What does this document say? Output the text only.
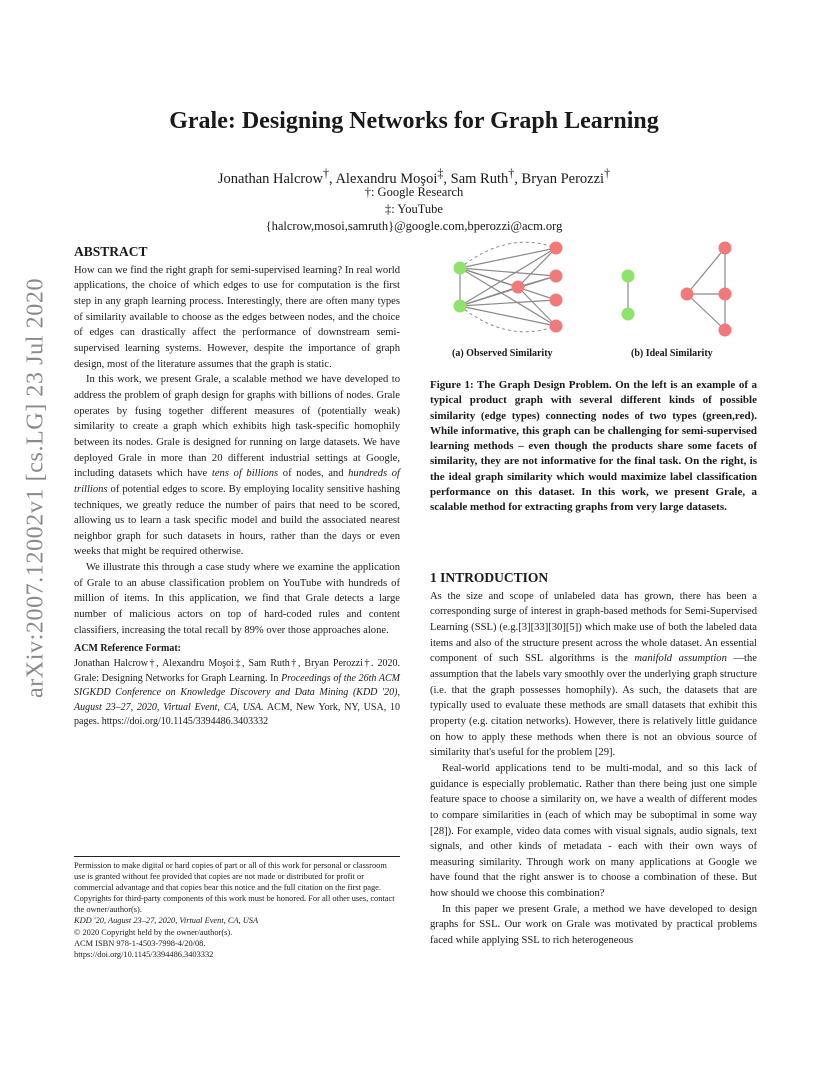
arXiv:2007.12002v1 [cs.LG] 23 Jul 2020
Grale: Designing Networks for Graph Learning
Jonathan Halcrow†, Alexandru Moşoi‡, Sam Ruth†, Bryan Perozzi†
†: Google Research
‡: YouTube
{halcrow,mosoi,samruth}@google.com,bperozzi@acm.org
ABSTRACT

How can we find the right graph for semi-supervised learning? In real world applications, the choice of which edges to use for computation is the first step in any graph learning process. Interestingly, there are often many types of similarity available to choose as the edges between nodes, and the choice of edges can drastically affect the performance of downstream semi-supervised learning systems. However, despite the importance of graph design, most of the literature assumes that the graph is static.

In this work, we present Grale, a scalable method we have developed to address the problem of graph design for graphs with billions of nodes. Grale operates by fusing together different measures of (potentially weak) similarity to create a graph which exhibits high task-specific homophily between its nodes. Grale is designed for running on large datasets. We have deployed Grale in more than 20 different industrial settings at Google, including datasets which have tens of billions of nodes, and hundreds of trillions of potential edges to score. By employing locality sensitive hashing techniques, we greatly reduce the number of pairs that need to be scored, allowing us to learn a task specific model and build the associated nearest neighbor graph for such datasets in hours, rather than the days or even weeks that might be required otherwise.

We illustrate this through a case study where we examine the application of Grale to an abuse classification problem on YouTube with hundreds of million of items. In this application, we find that Grale detects a large number of malicious actors on top of hard-coded rules and content classifiers, increasing the total recall by 89% over those approaches alone.

ACM Reference Format:

Jonathan Halcrow†, Alexandru Moşoi‡, Sam Ruth†, Bryan Perozzi†. 2020. Grale: Designing Networks for Graph Learning. In Proceedings of the 26th ACM SIGKDD Conference on Knowledge Discovery and Data Mining (KDD '20), August 23–27, 2020, Virtual Event, CA, USA. ACM, New York, NY, USA, 10 pages. https://doi.org/10.1145/3394486.3403332

Permission to make digital or hard copies of part or all of this work for personal or classroom use is granted without fee provided that copies are not made or distributed for profit or commercial advantage and that copies bear this notice and the full citation on the first page. Copyrights for third-party components of this work must be honored. For all other uses, contact the owner/author(s).

KDD '20, August 23–27, 2020, Virtual Event, CA, USA

© 2020 Copyright held by the owner/author(s).

ACM ISBN 978-1-4503-7998-4/20/08.

https://doi.org/10.1145/3394486.3403332

(a) Observed Similarity	(b) Ideal Similarity

Figure 1: The Graph Design Problem. On the left is an example of a typical product graph with several different kinds of possible similarity (edge types) connecting nodes of two types (green,red). While informative, this graph can be challenging for semi-supervised learning methods – even though the products share some facets of similarity, they are not informative for the final task. On the right, is the ideal graph similarity which would maximize label classification performance on this dataset. In this work, we present Grale, a scalable method for extracting graphs from very large datasets.

1 INTRODUCTION

As the size and scope of unlabeled data has grown, there has been a corresponding surge of interest in graph-based methods for Semi-Supervised Learning (SSL) (e.g.[3][33][30][5]) which make use of both the labeled data items and also of the structure present across the whole dataset. An essential component of such SSL algorithms is the manifold assumption —the assumption that the labels vary smoothly over the underlying graph structure (i.e. that the graph possesses homophily). As such, the datasets that are typically used to evaluate these methods are small datasets that exhibit this property (e.g. citation networks). However, there is relatively little guidance on how to apply these methods when there is not an obvious source of similarity that's useful for the problem [29].

Real-world applications tend to be multi-modal, and so this lack of guidance is especially problematic. Rather than there being just one simple feature space to choose a similarity on, we have a wealth of different modes to compare similarities in (each of which may be suboptimal in some way [28]). For example, video data comes with visual signals, audio signals, text signals, and other kinds of metadata - each with their own ways of measuring similarity. Through work on many applications at Google we have found that the right answer is to choose a combination of these. But how should we choose this combination?

In this paper we present Grale, a method we have developed to design graphs for SSL. Our work on Grale was motivated by practical problems faced while applying SSL to rich heterogeneous
